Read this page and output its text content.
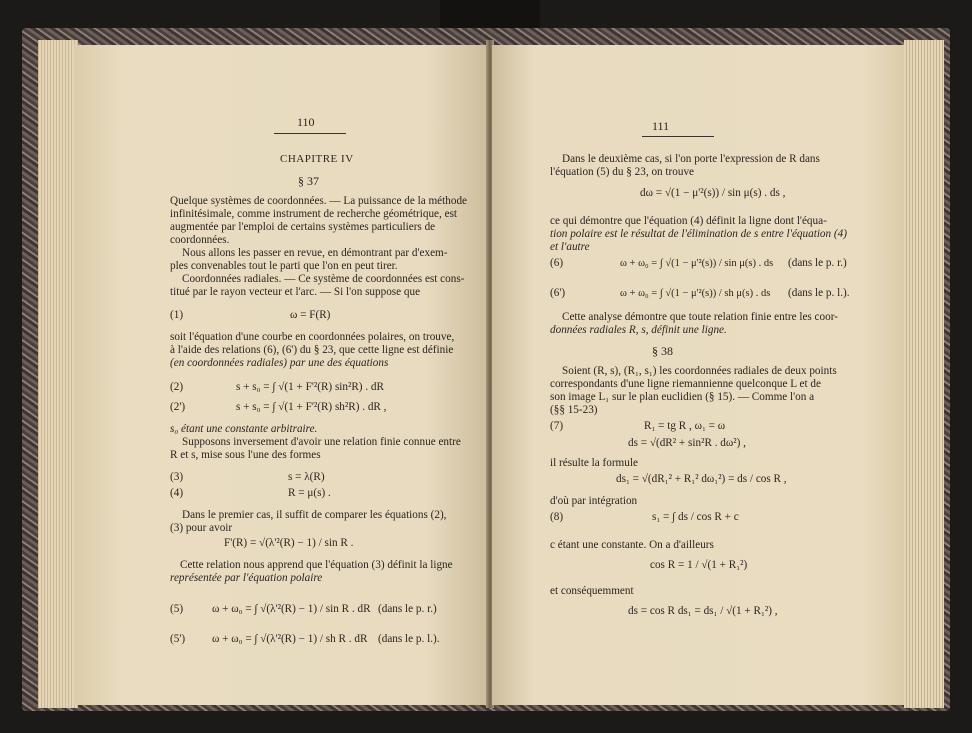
110
CHAPITRE IV
§ 37
Quelque systèmes de coordonnées. — La puissance de la méthode
infinitésimale, comme instrument de recherche géométrique, est
augmentée par l'emploi de certains systèmes particuliers de
coordonnées.
Nous allons les passer en revue, en démontrant par d'exem-
ples convenables tout le parti que l'on en peut tirer.
Coordonnées radiales. — Ce système de coordonnées est cons-
titué par le rayon vecteur et l'arc. — Si l'on suppose que
(1)	ω = F(R)
soit l'équation d'une courbe en coordonnées polaires, on trouve,
à l'aide des relations (6), (6') du § 23, que cette ligne est définie
(en coordonnées radiales) par une des équations
(2)	s + s₀ = ∫ √(1 + F'²(R) sin²R) . dR
(2')	s + s₀ = ∫ √(1 + F'²(R) sh²R) . dR ,
s₀ étant une constante arbitraire.
Supposons inversement d'avoir une relation finie connue entre
R et s, mise sous l'une des formes
(3)	s = λ(R)
(4)	R = μ(s) .
Dans le premier cas, il suffit de comparer les équations (2),
(3) pour avoir
F'(R) = √(λ'²(R) − 1) / sin R .
Cette relation nous apprend que l'équation (3) définit la ligne
représentée par l'équation polaire
(5)	ω + ω₀ = ∫ √(λ'²(R) − 1) / sin R . dR (dans le p. r.)
(5') ω + ω₀ = ∫ √(λ'²(R) − 1) / sh R . dR (dans le p. l.).
111
Dans le deuxième cas, si l'on porte l'expression de R dans
l'équation (5) du § 23, on trouve
dω = √(1 − μ'²(s)) / sin μ(s) . ds ,
ce qui démontre que l'équation (4) définit la ligne dont l'équa-
tion polaire est le résultat de l'élimination de s entre l'équation (4)
et l'autre
(6)	ω + ω₀ = ∫ √(1 − μ'²(s)) / sin μ(s) . ds (dans le p. r.)
(6')	ω + ω₀ = ∫ √(1 − μ'²(s)) / sh μ(s) . ds (dans le p. l.).
Cette analyse démontre que toute relation finie entre les coor-
données radiales R, s, définit une ligne.
§ 38
Soient (R, s), (R₁, s₁) les coordonnées radiales de deux points
correspondants d'une ligne riemannienne quelconque L et de
son image L₁ sur le plan euclidien (§ 15). — Comme l'on a
(§§ 15-23)
(7)	R₁ = tg R , ω₁ = ω
ds = √(dR² + sin²R . dω²) ,
il résulte la formule
ds₁ = √(dR₁² + R₁² dω₁²) = ds / cos R ,
d'où par intégration
(8)	s₁ = ∫ ds / cos R + c
c étant une constante. On a d'ailleurs
cos R = 1 / √(1 + R₁²)
et conséquemment
ds = cos R ds₁ = ds₁ / √(1 + R₁²) ,
